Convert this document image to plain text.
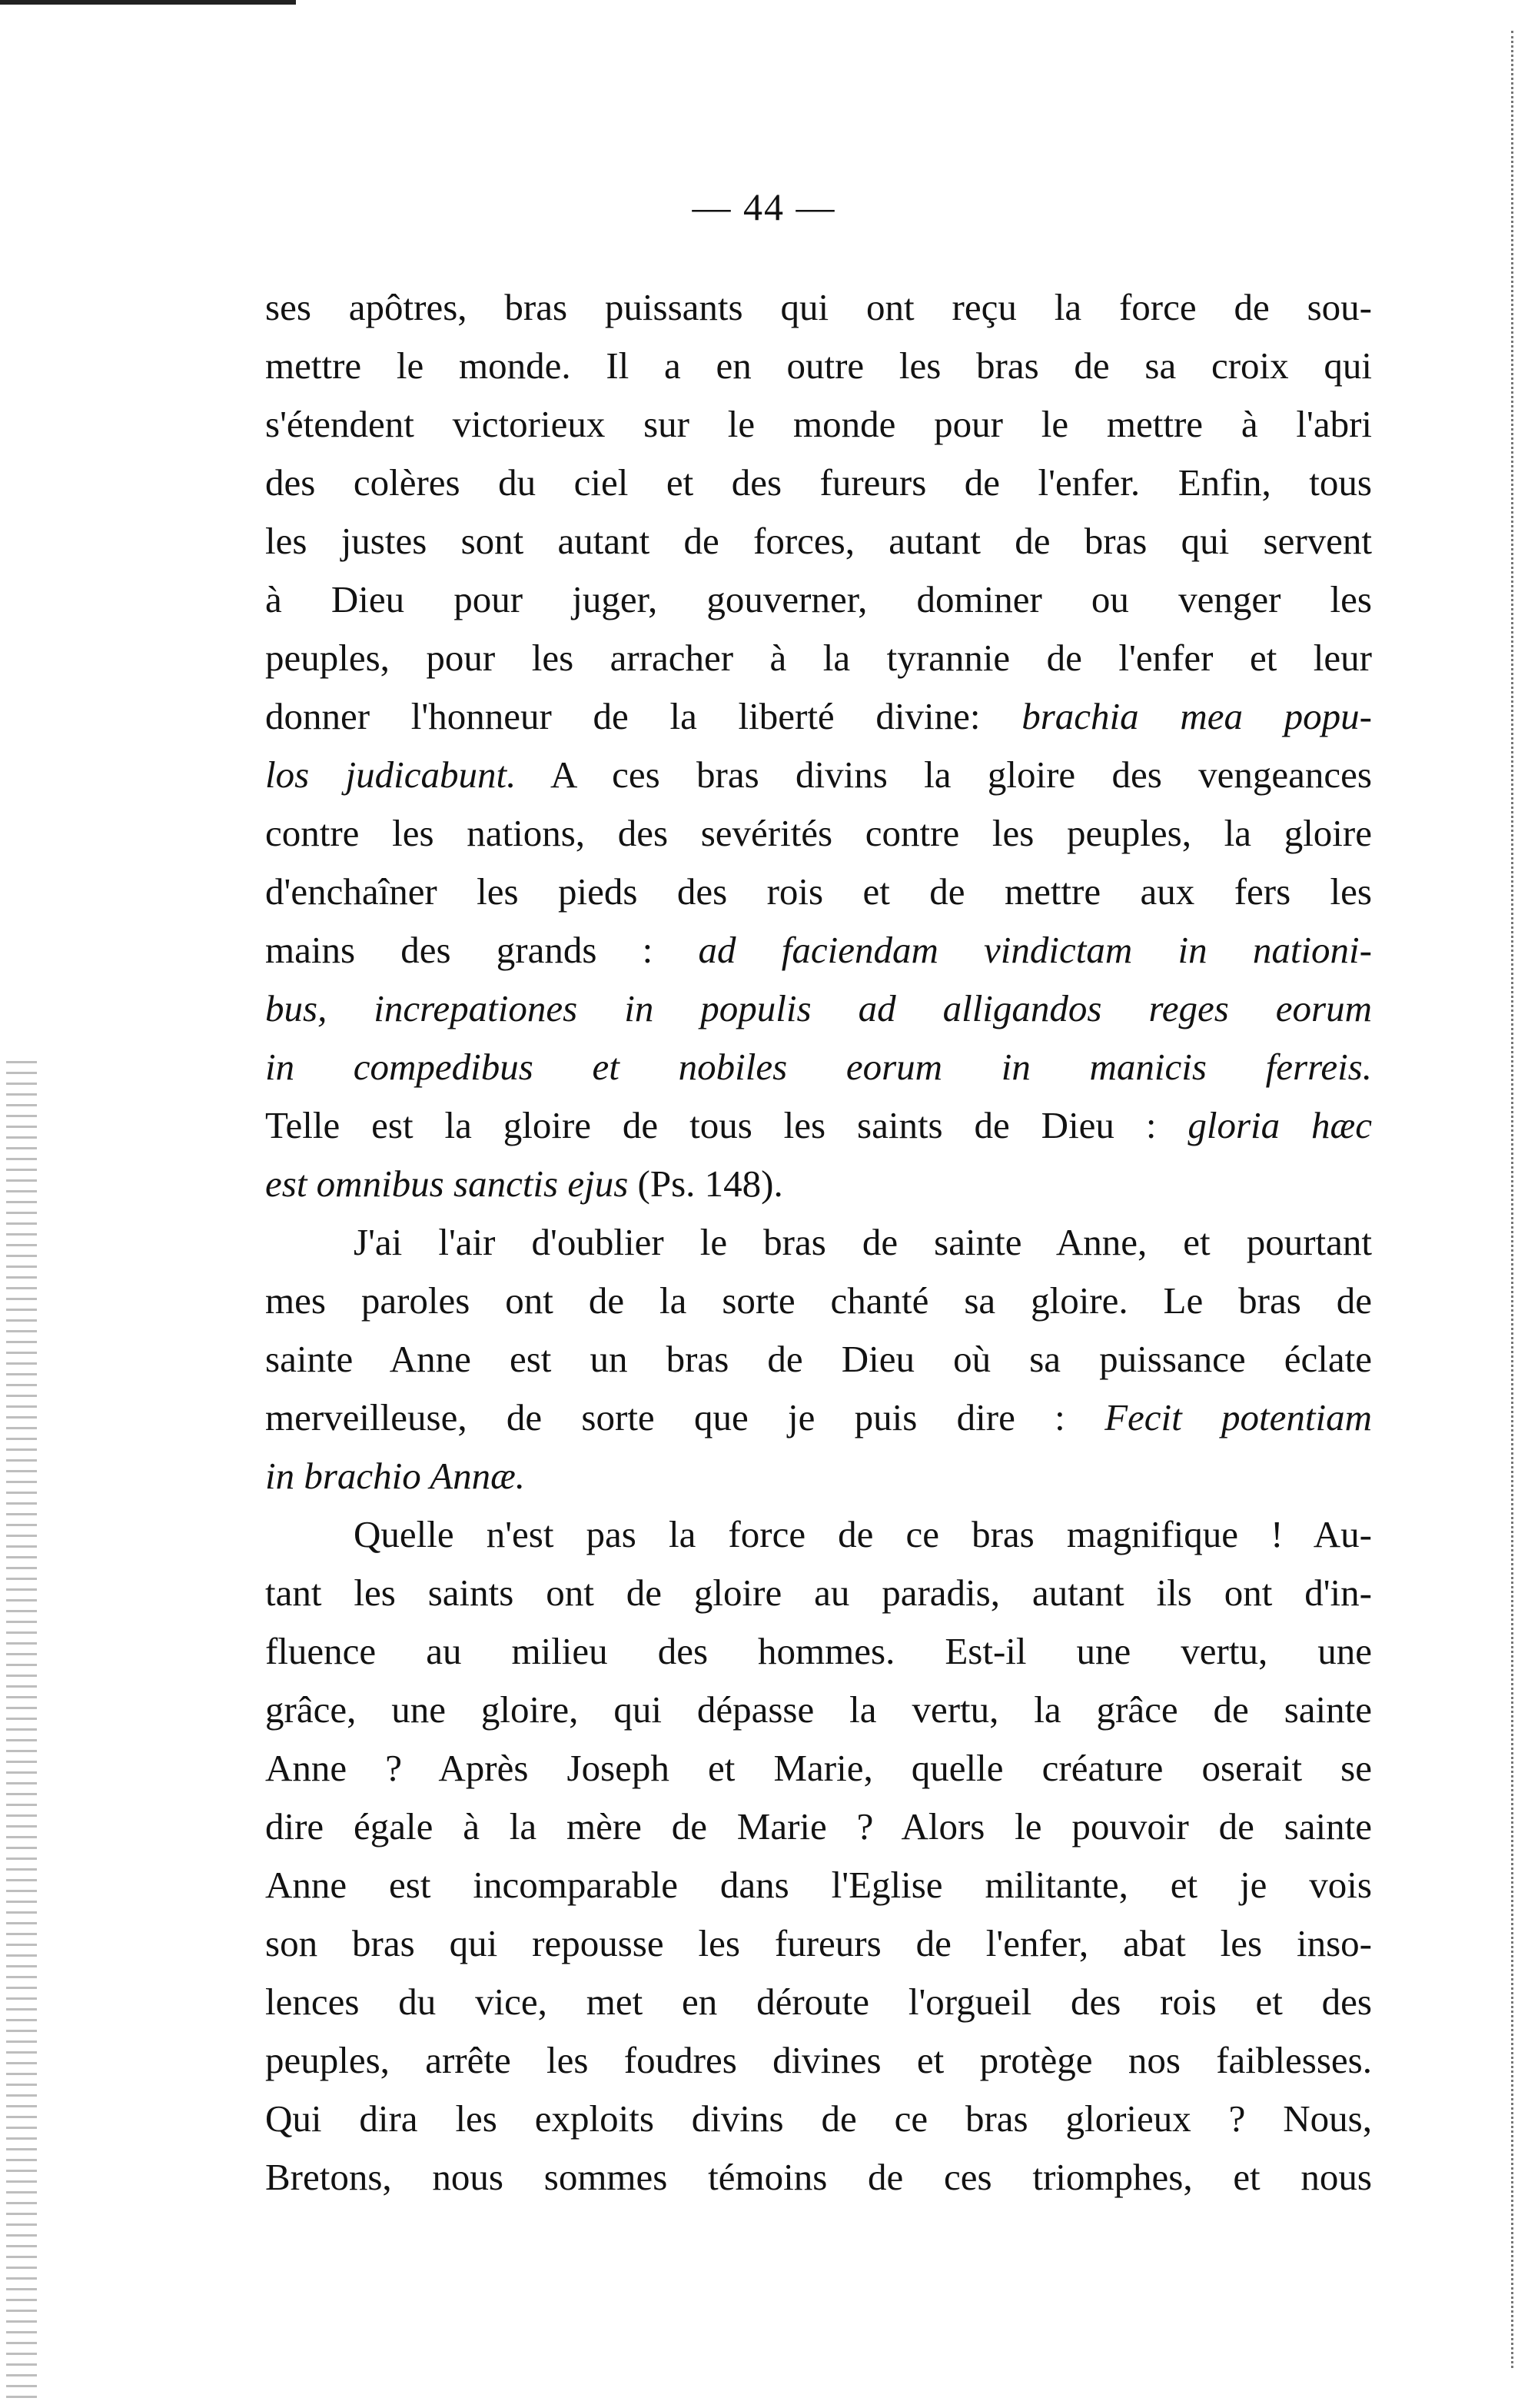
— 44 —
ses apôtres, bras puissants qui ont reçu la force de sou-
mettre le monde. Il a en outre les bras de sa croix qui
s'étendent victorieux sur le monde pour le mettre à l'abri
des colères du ciel et des fureurs de l'enfer. Enfin, tous
les justes sont autant de forces, autant de bras qui servent
à Dieu pour juger, gouverner, dominer ou venger les
peuples, pour les arracher à la tyrannie de l'enfer et leur
donner l'honneur de la liberté divine: brachia mea popu-
los judicabunt. A ces bras divins la gloire des vengeances
contre les nations, des sevérités contre les peuples, la gloire
d'enchaîner les pieds des rois et de mettre aux fers les
mains des grands : ad faciendam vindictam in nationi-
bus, increpationes in populis ad alligandos reges eorum
in compedibus et nobiles eorum in manicis ferreis.
Telle est la gloire de tous les saints de Dieu : gloria hæc
est omnibus sanctis ejus (Ps. 148).
J'ai l'air d'oublier le bras de sainte Anne, et pourtant
mes paroles ont de la sorte chanté sa gloire. Le bras de
sainte Anne est un bras de Dieu où sa puissance éclate
merveilleuse, de sorte que je puis dire : Fecit potentiam
in brachio Annæ.
Quelle n'est pas la force de ce bras magnifique ! Au-
tant les saints ont de gloire au paradis, autant ils ont d'in-
fluence au milieu des hommes. Est-il une vertu, une
grâce, une gloire, qui dépasse la vertu, la grâce de sainte
Anne ? Après Joseph et Marie, quelle créature oserait se
dire égale à la mère de Marie ? Alors le pouvoir de sainte
Anne est incomparable dans l'Eglise militante, et je vois
son bras qui repousse les fureurs de l'enfer, abat les inso-
lences du vice, met en déroute l'orgueil des rois et des
peuples, arrête les foudres divines et protège nos faiblesses.
Qui dira les exploits divins de ce bras glorieux ? Nous,
Bretons, nous sommes témoins de ces triomphes, et nous
